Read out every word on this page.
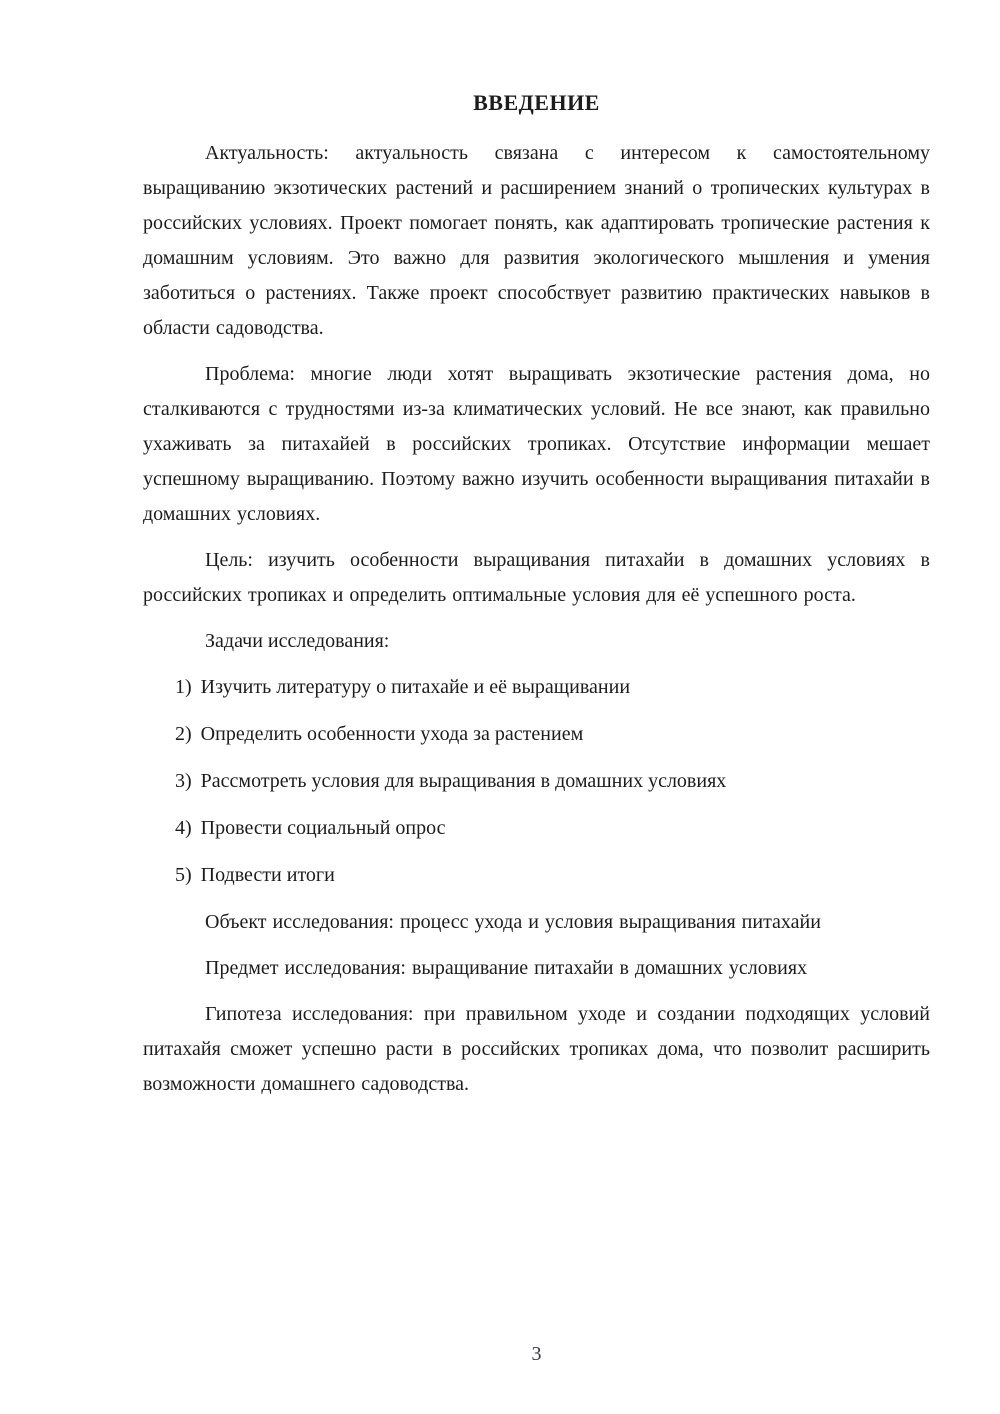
ВВЕДЕНИЕ

Актуальность: актуальность связана с интересом к самостоятельному выращиванию экзотических растений и расширением знаний о тропических культурах в российских условиях. Проект помогает понять, как адаптировать тропические растения к домашним условиям. Это важно для развития экологического мышления и умения заботиться о растениях. Также проект способствует развитию практических навыков в области садоводства.

Проблема: многие люди хотят выращивать экзотические растения дома, но сталкиваются с трудностями из-за климатических условий. Не все знают, как правильно ухаживать за питахайей в российских тропиках. Отсутствие информации мешает успешному выращиванию. Поэтому важно изучить особенности выращивания питахайи в домашних условиях.

Цель: изучить особенности выращивания питахайи в домашних условиях в российских тропиках и определить оптимальные условия для её успешного роста.

Задачи исследования:

1) Изучить литературу о питахайе и её выращивании
2) Определить особенности ухода за растением
3) Рассмотреть условия для выращивания в домашних условиях
4) Провести социальный опрос
5) Подвести итоги

Объект исследования: процесс ухода и условия выращивания питахайи

Предмет исследования: выращивание питахайи в домашних условиях

Гипотеза исследования: при правильном уходе и создании подходящих условий питахайя сможет успешно расти в российских тропиках дома, что позволит расширить возможности домашнего садоводства.

3
